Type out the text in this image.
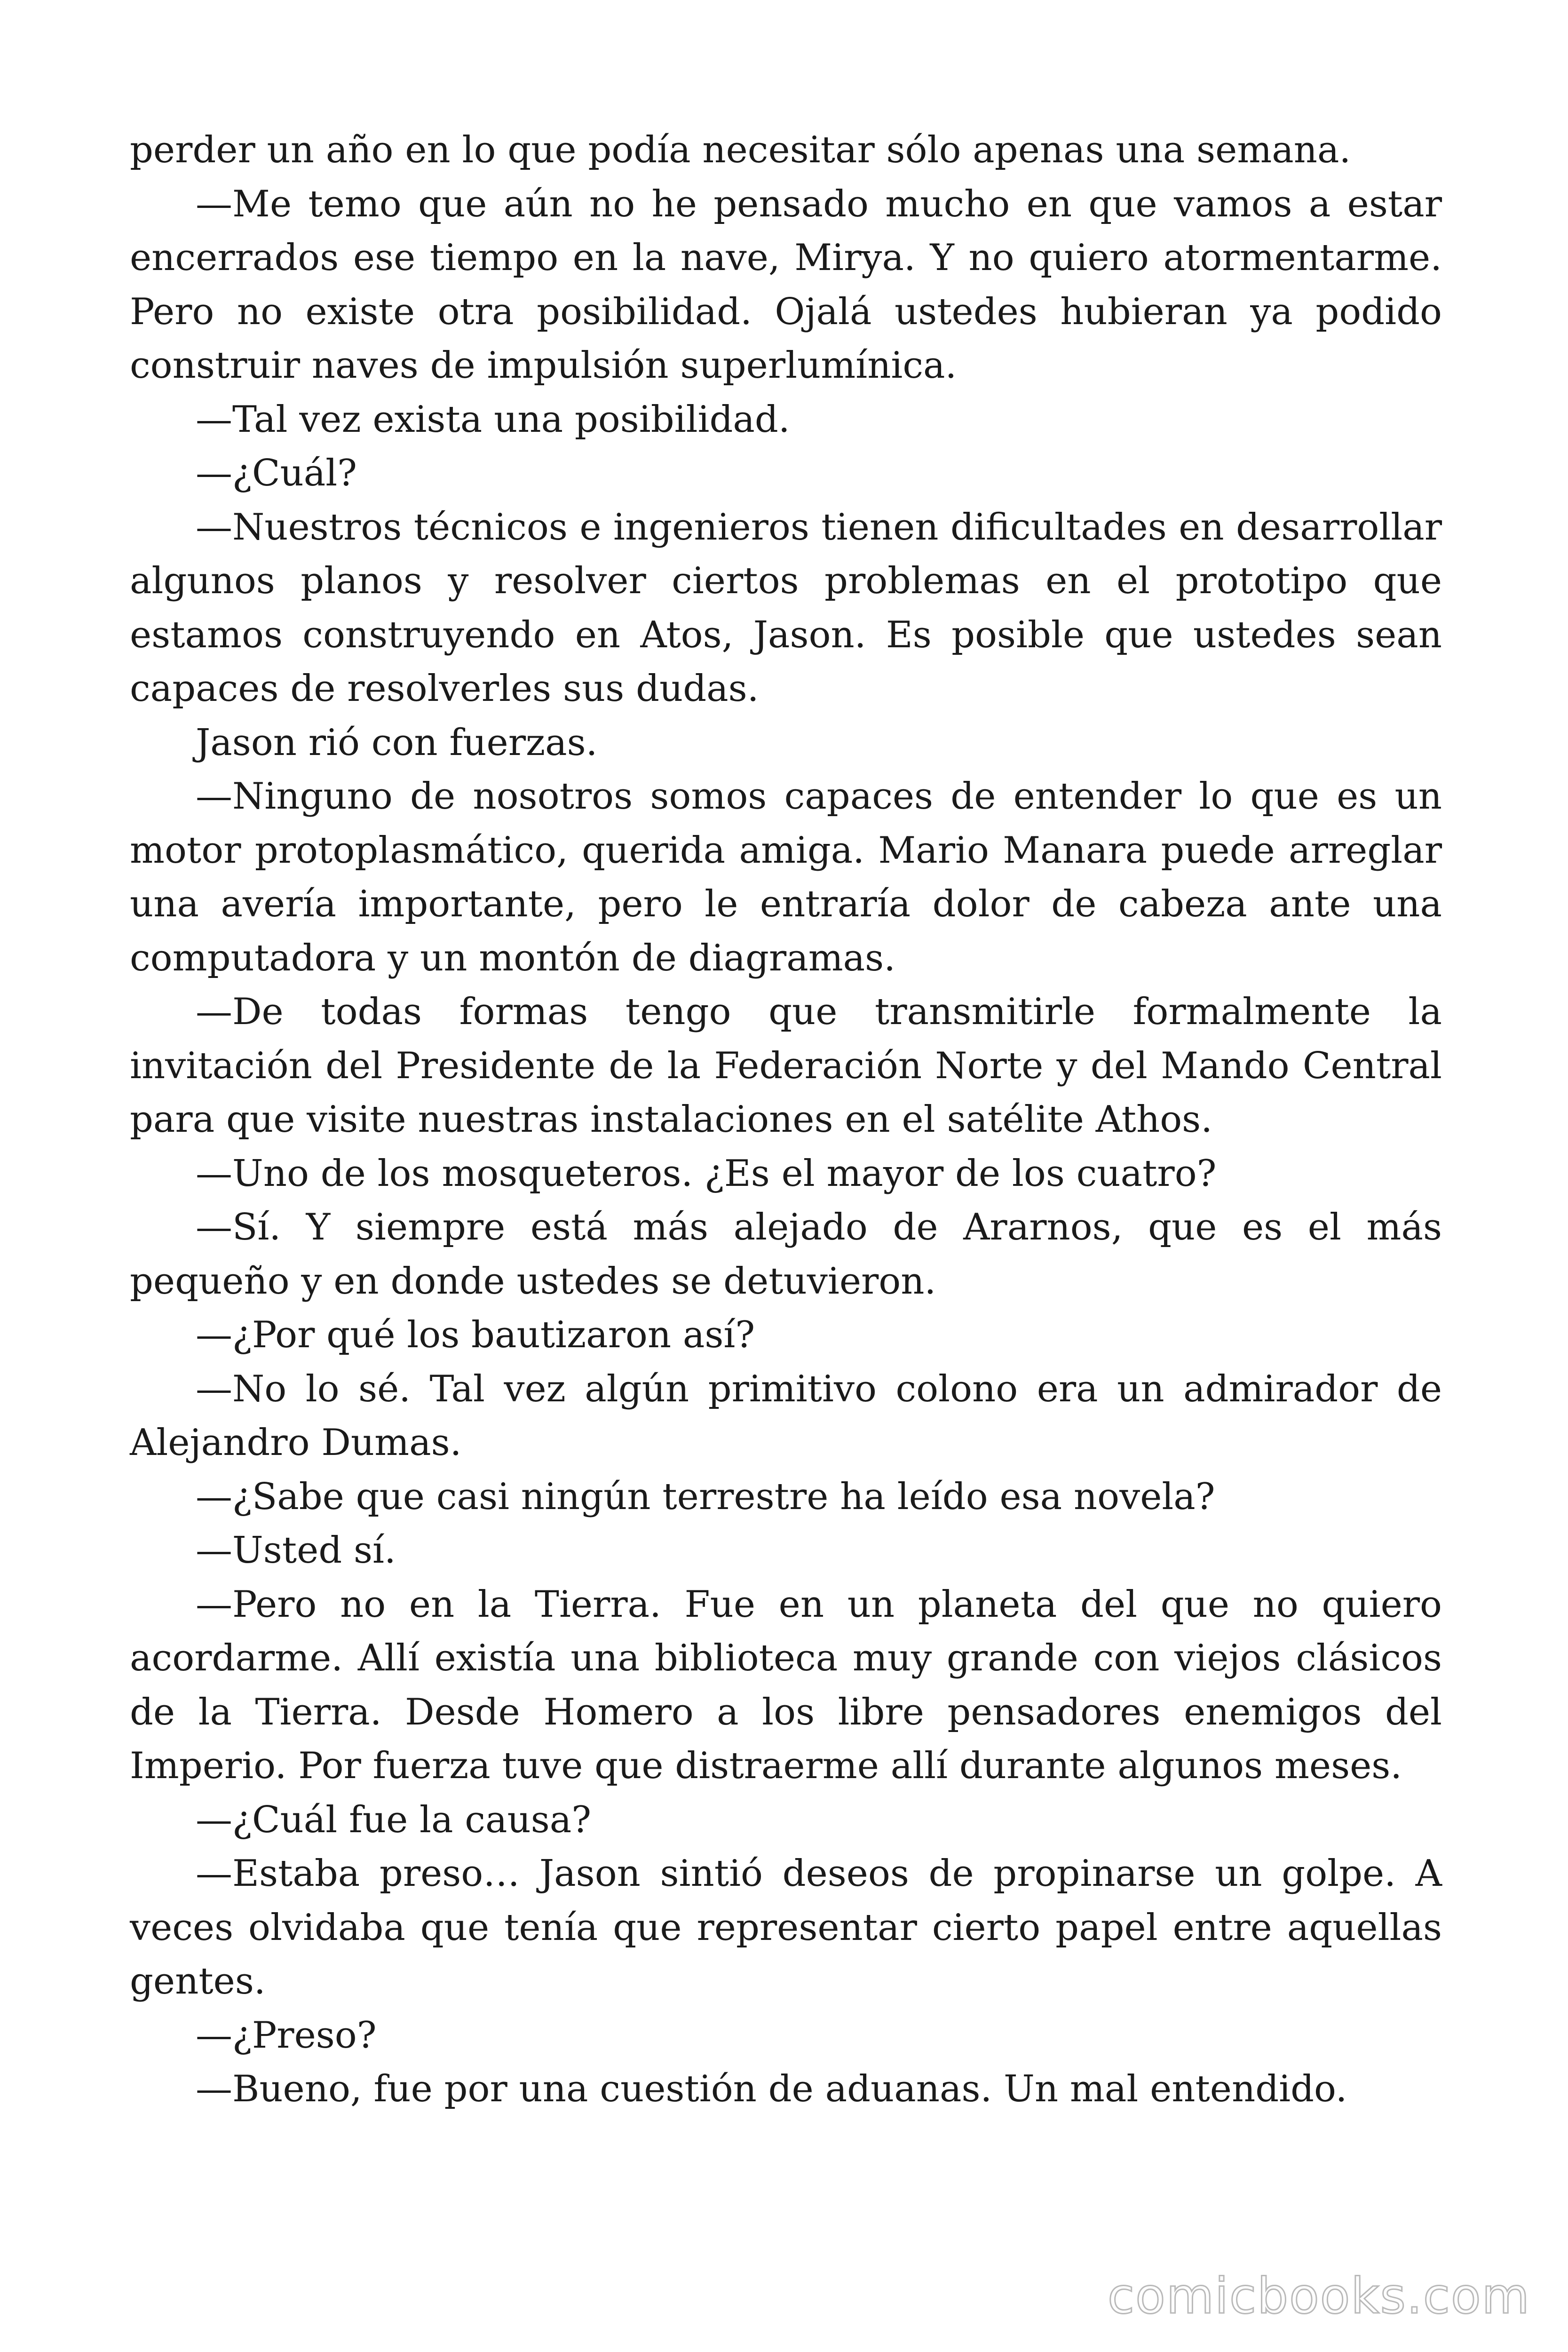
perder un año en lo que podía necesitar sólo apenas una semana.

—Me temo que aún no he pensado mucho en que vamos a estar encerrados ese tiempo en la nave, Mirya. Y no quiero atormentarme. Pero no existe otra posibilidad. Ojalá ustedes hubieran ya podido construir naves de impulsión superlumínica.

—Tal vez exista una posibilidad.

—¿Cuál?

—Nuestros técnicos e ingenieros tienen dificultades en desarrollar algunos planos y resolver ciertos problemas en el prototipo que estamos construyendo en Atos, Jason. Es posible que ustedes sean capaces de resolverles sus dudas.

Jason rió con fuerzas.

—Ninguno de nosotros somos capaces de entender lo que es un motor protoplasmático, querida amiga. Mario Manara puede arreglar una avería importante, pero le entraría dolor de cabeza ante una computadora y un montón de diagramas.

—De todas formas tengo que transmitirle formalmente la invitación del Presidente de la Federación Norte y del Mando Central para que visite nuestras instalaciones en el satélite Athos.

—Uno de los mosqueteros. ¿Es el mayor de los cuatro?

—Sí. Y siempre está más alejado de Ararnos, que es el más pequeño y en donde ustedes se detuvieron.

—¿Por qué los bautizaron así?

—No lo sé. Tal vez algún primitivo colono era un admirador de Alejandro Dumas.

—¿Sabe que casi ningún terrestre ha leído esa novela?

—Usted sí.

—Pero no en la Tierra. Fue en un planeta del que no quiero acordarme. Allí existía una biblioteca muy grande con viejos clásicos de la Tierra. Desde Homero a los libre pensadores enemigos del Imperio. Por fuerza tuve que distraerme allí durante algunos meses.

—¿Cuál fue la causa?

—Estaba preso… Jason sintió deseos de propinarse un golpe. A veces olvidaba que tenía que representar cierto papel entre aquellas gentes.

—¿Preso?

—Bueno, fue por una cuestión de aduanas. Un mal entendido.

comicbooks.com
